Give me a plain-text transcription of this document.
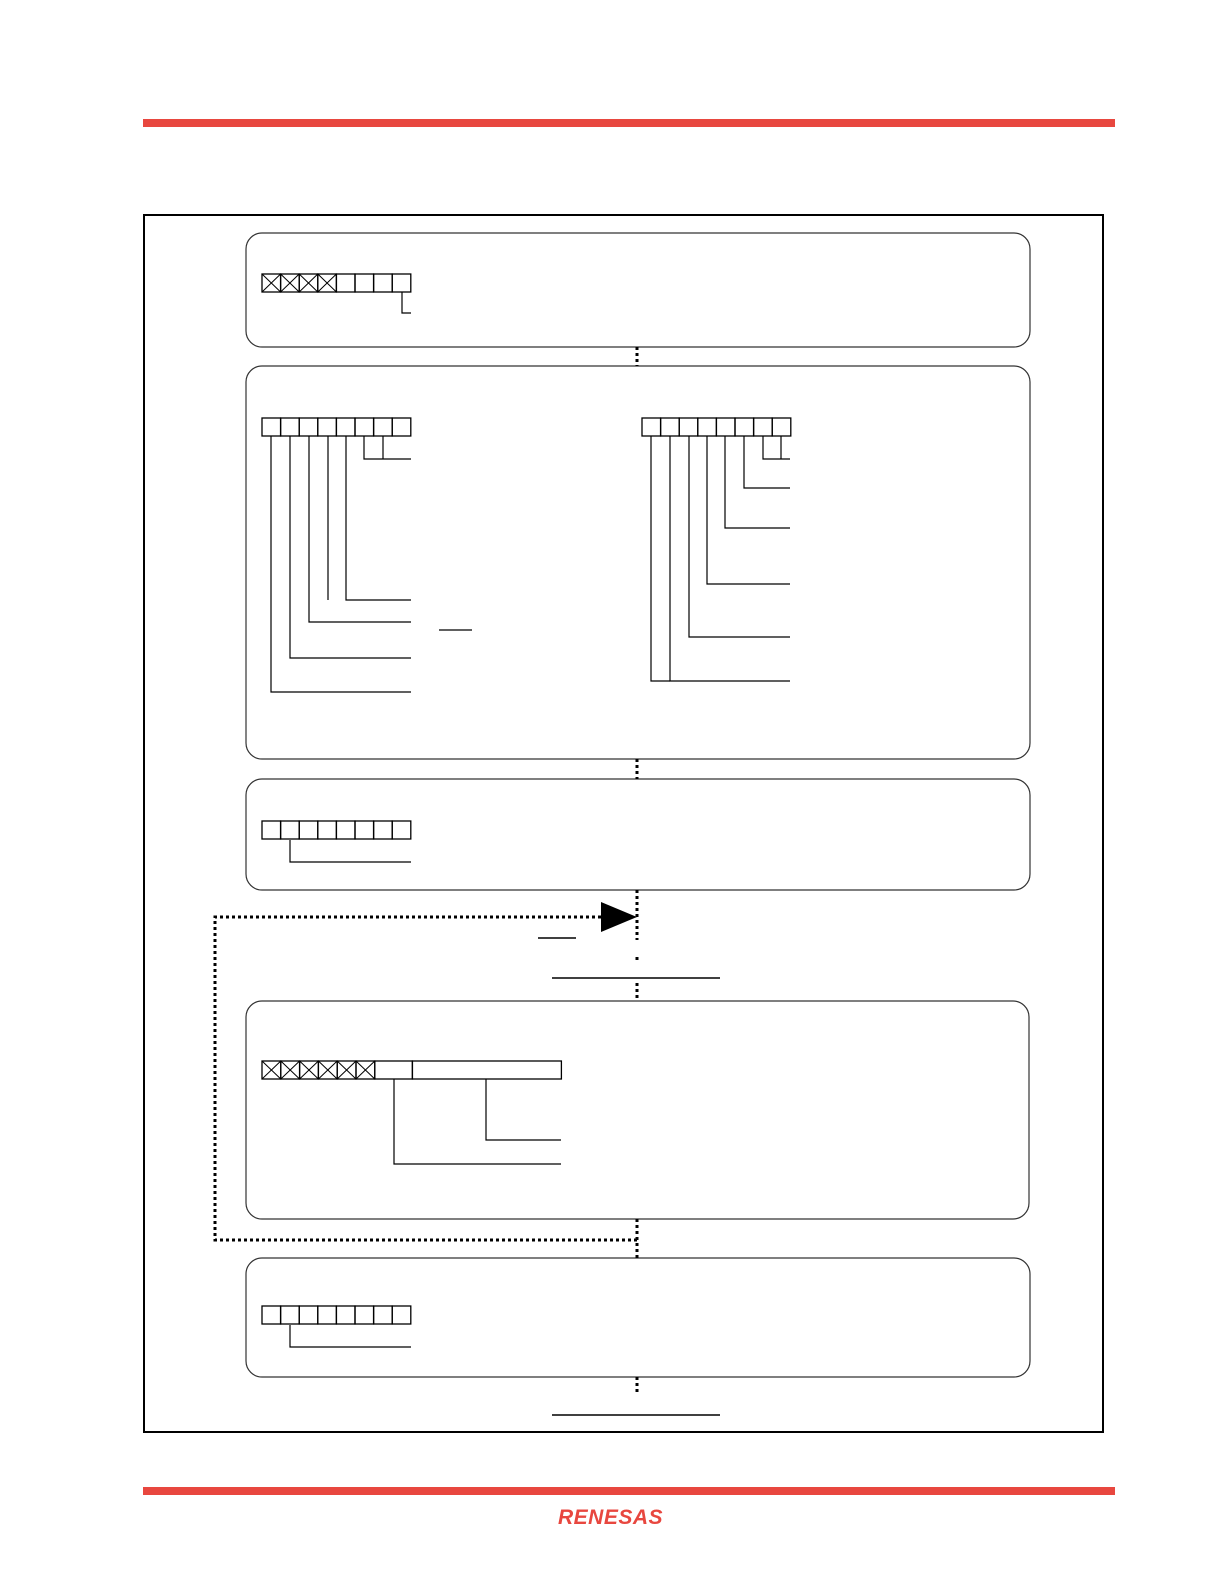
RENESAS
